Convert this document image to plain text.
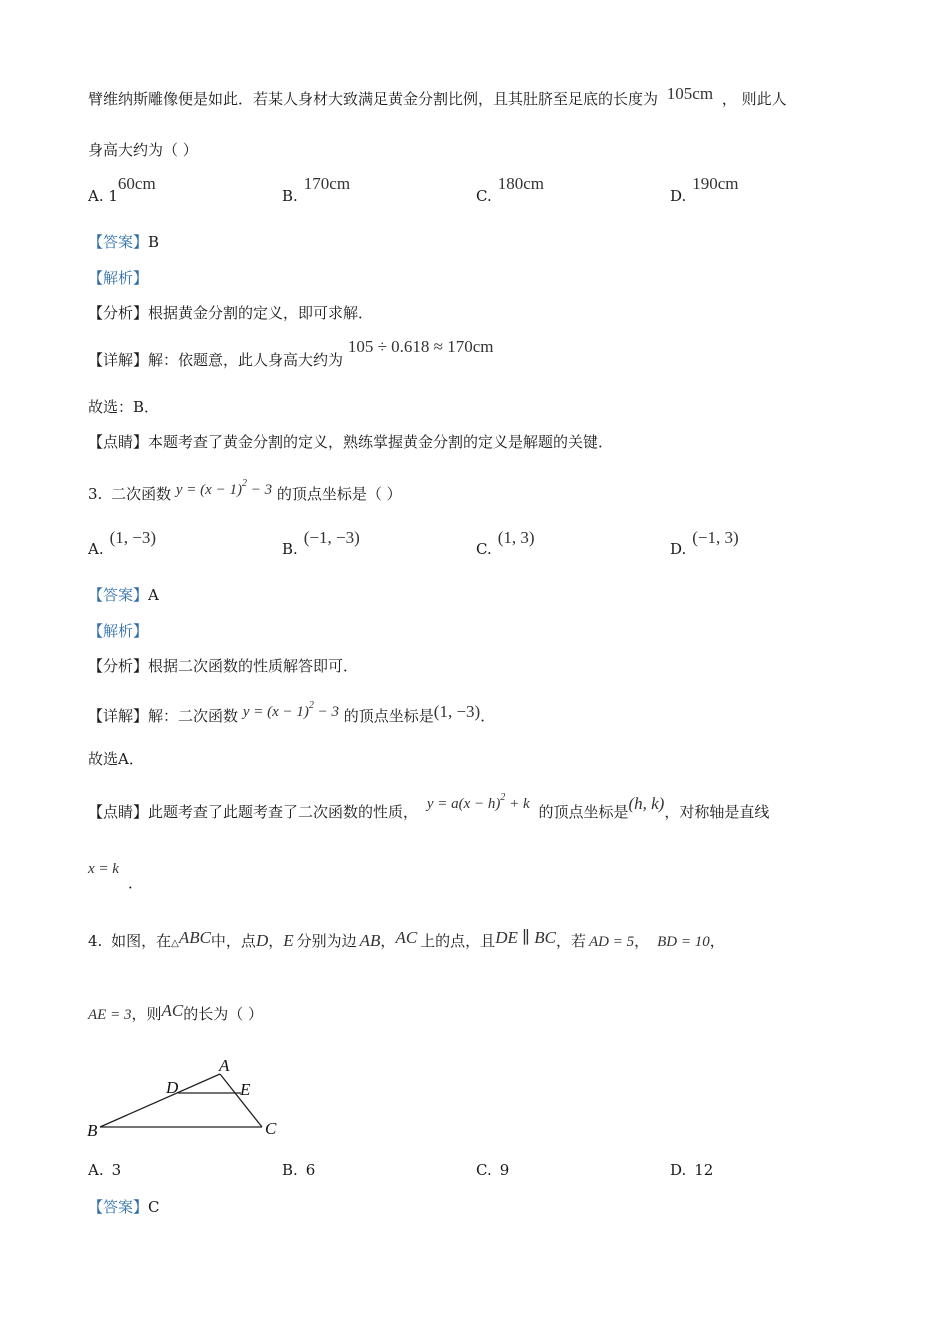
臂维纳斯雕像便是如此．若某人身材大致满足黄金分割比例，且其肚脐至足底的长度为 105cm ， 则此人
身高大约为（ ）
A. 160cm
B.170cm
C.180cm
D.190cm
【答案】B
【解析】
【分析】根据黄金分割的定义，即可求解．
【详解】解：依题意，此人身高大约为 105 ÷ 0.618 ≈ 170cm
故选：B．
【点睛】本题考查了黄金分割的定义，熟练掌握黄金分割的定义是解题的关键．
3. 二次函数 $y = (x - 1)^2 - 3$ 的顶点坐标是（ ）
A.(1, −3)
B.(−1, −3)
C.(1, 3)
D.(−1, 3)
【答案】A
【解析】
【分析】根据二次函数的性质解答即可．
【详解】解：二次函数 $y = (x - 1)^2 - 3$ 的顶点坐标是(1, −3)．
故选A．
【点睛】此题考查了此题考查了二次函数的性质， $y = a(x - h)^2 + k$ 的顶点坐标是(h, k)，对称轴是直线
x = k
．
4. 如图，在△ABC中，点D，E 分别为边 AB，AC 上的点，且DE ∥ BC，若 AD = 5， BD = 10，
AE = 3，则AC的长为（ ）
A
D	E
B	C
A. 3	B. 6	C. 9	D. 12
【答案】C
